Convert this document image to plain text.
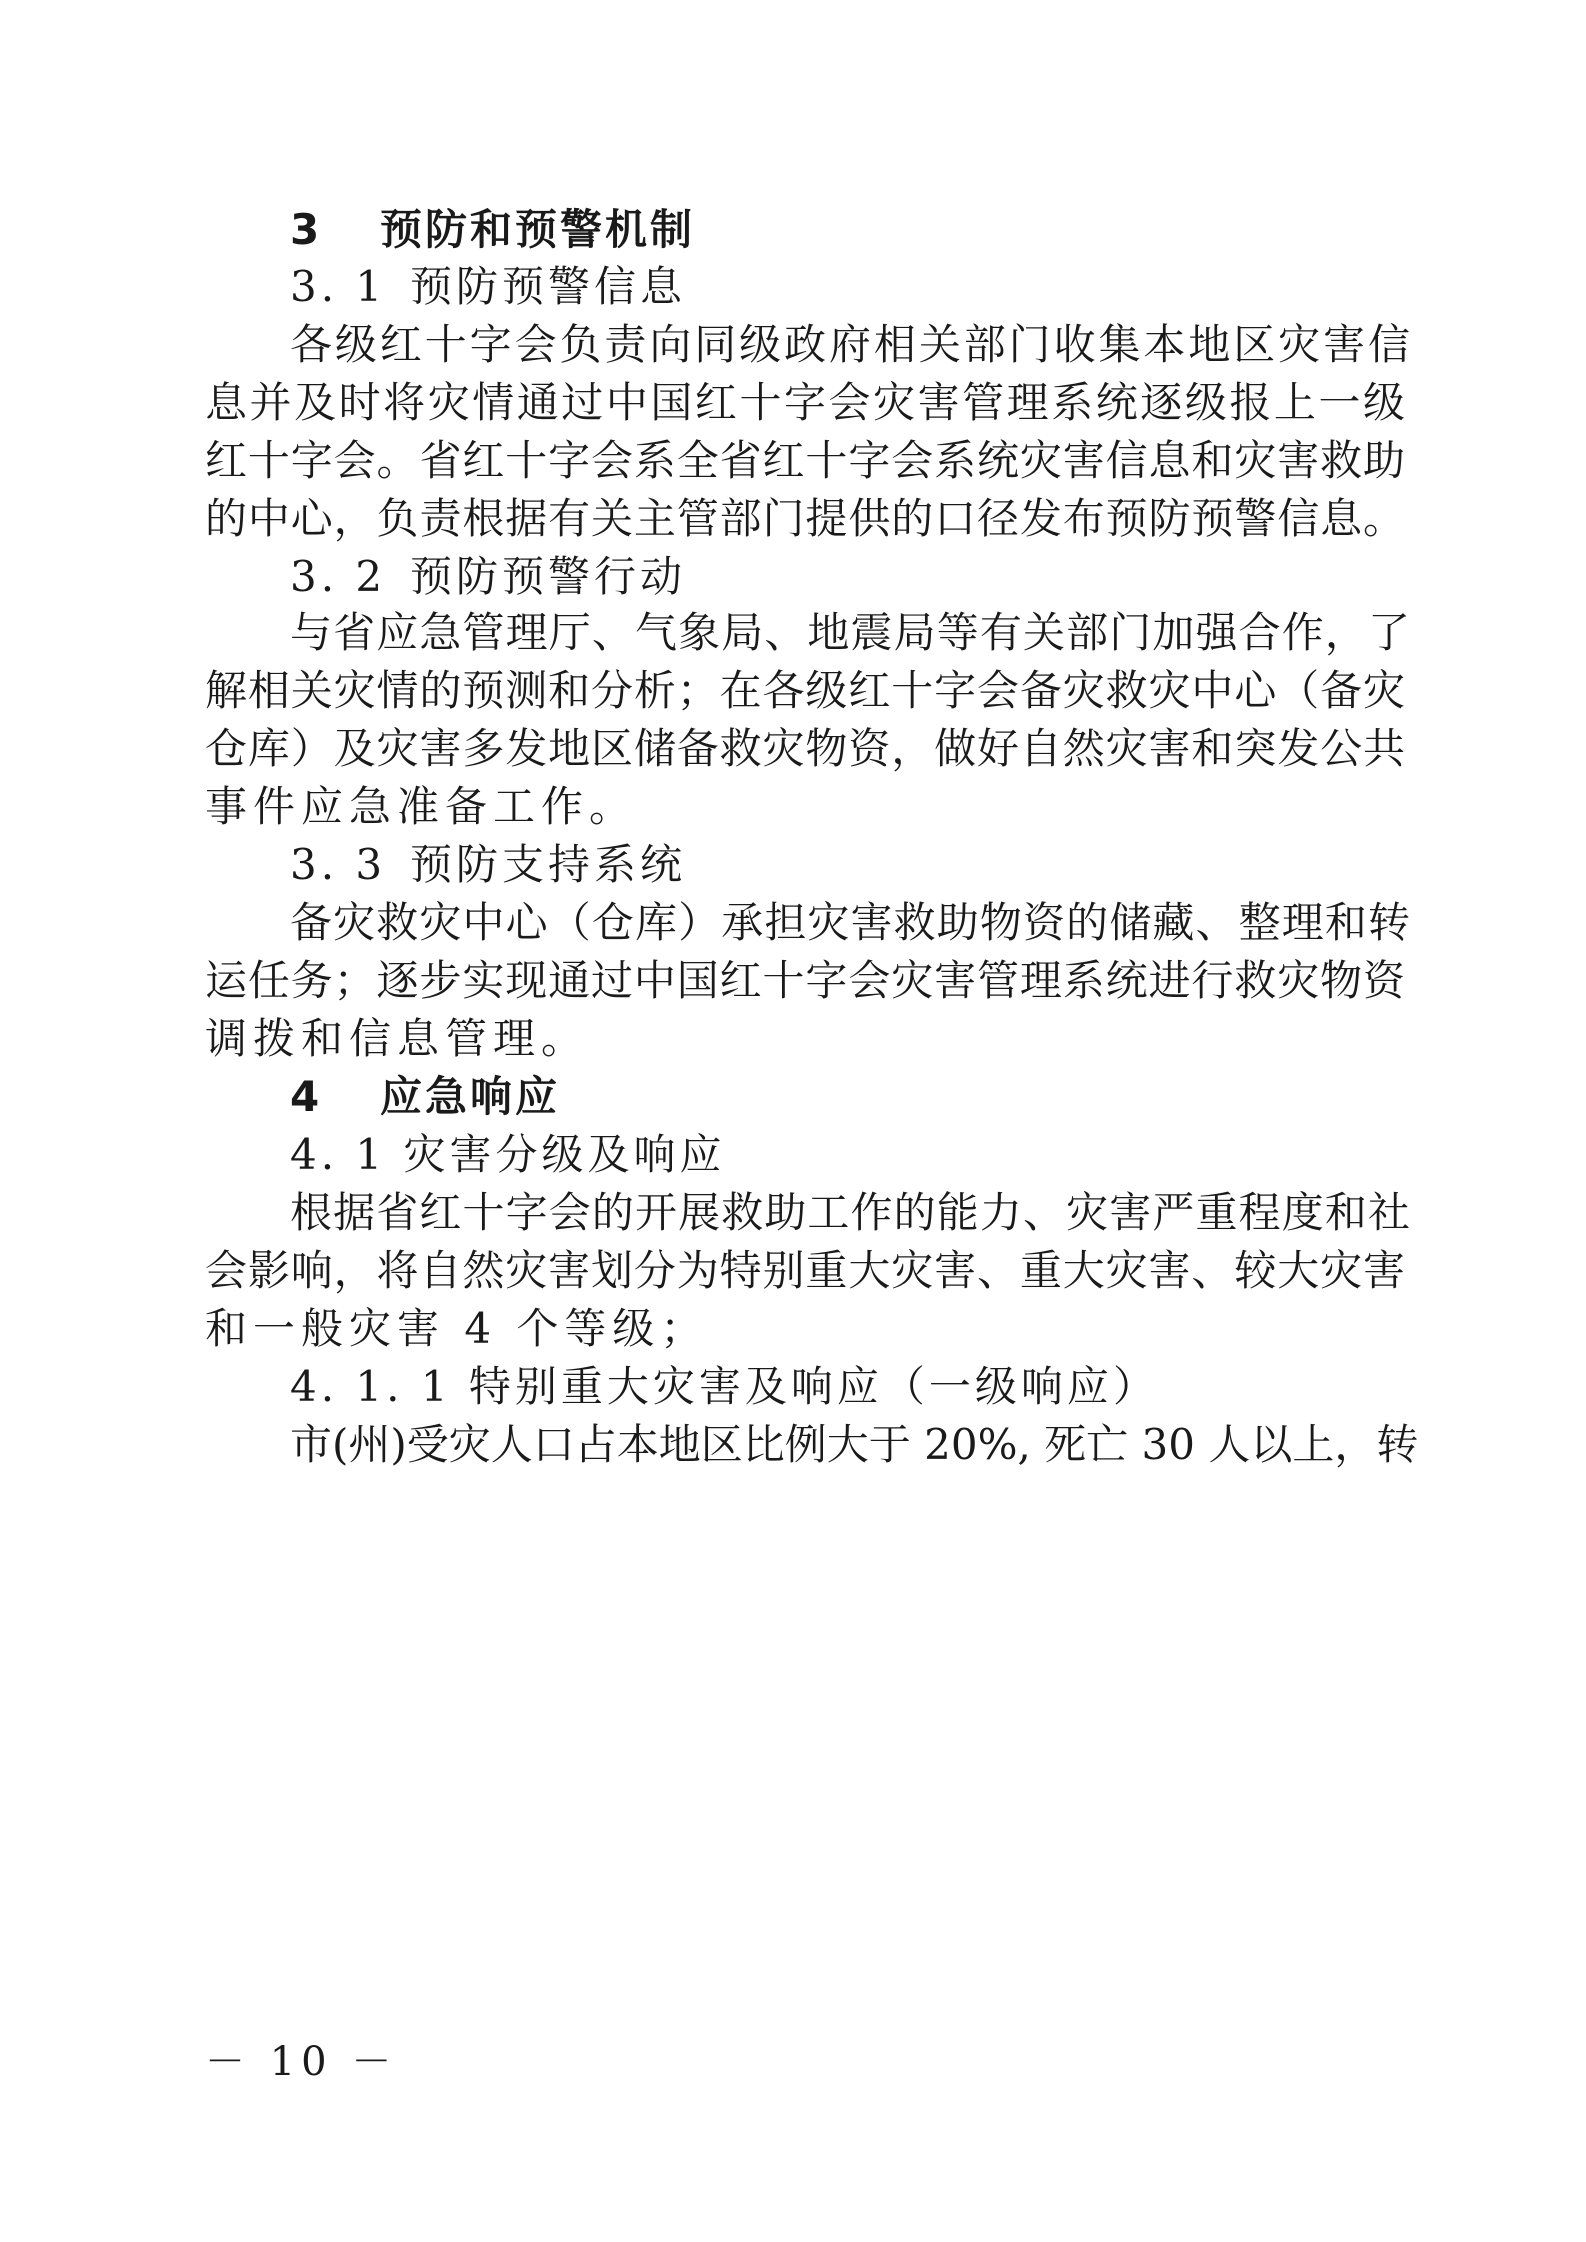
3 预防和预警机制
3. 1 预防预警信息
各级红十字会负责向同级政府相关部门收集本地区灾害信
息并及时将灾情通过中国红十字会灾害管理系统逐级报上一级
红十字会。省红十字会系全省红十字会系统灾害信息和灾害救助
的中心，负责根据有关主管部门提供的口径发布预防预警信息。
3. 2 预防预警行动
与省应急管理厅、气象局、地震局等有关部门加强合作，了
解相关灾情的预测和分析；在各级红十字会备灾救灾中心（备灾
仓库）及灾害多发地区储备救灾物资，做好自然灾害和突发公共
事件应急准备工作。
3. 3 预防支持系统
备灾救灾中心（仓库）承担灾害救助物资的储藏、整理和转
运任务；逐步实现通过中国红十字会灾害管理系统进行救灾物资
调拨和信息管理。
4 应急响应
4. 1 灾害分级及响应
根据省红十字会的开展救助工作的能力、灾害严重程度和社
会影响，将自然灾害划分为特别重大灾害、重大灾害、较大灾害
和一般灾害 4 个等级；
4. 1. 1 特别重大灾害及响应（一级响应）
市(州)受灾人口占本地区比例大于 20%, 死亡 30 人以上，转
－ 10 －
